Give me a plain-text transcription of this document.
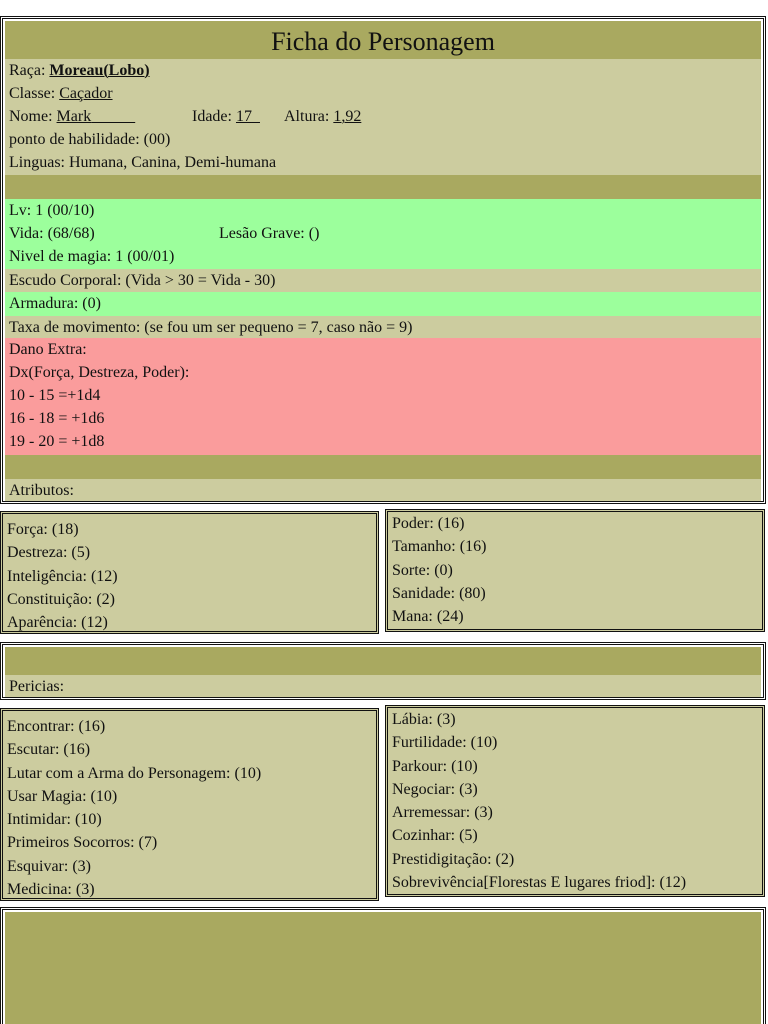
Ficha do Personagem
Raça: Moreau(Lobo)
Classe: Caçador
Nome: Mark	Idade: 17	Altura: 1,92
ponto de habilidade: (00)
Linguas: Humana, Canina, Demi-humana
Lv: 1 (00/10)
Vida: (68/68)	Lesão Grave: ()
Nivel de magia: 1 (00/01)
Escudo Corporal: (Vida > 30 = Vida - 30)
Armadura: (0)
Taxa de movimento: (se fou um ser pequeno = 7, caso não = 9)
Dano Extra:
Dx(Força, Destreza, Poder):
10 - 15 =+1d4
16 - 18 = +1d6
19 - 20 = +1d8
Atributos:
Força: (18)
Destreza: (5)
Inteligência: (12)
Constituição: (2)
Aparência: (12)
Poder: (16)
Tamanho: (16)
Sorte: (0)
Sanidade: (80)
Mana: (24)
Pericias:
Encontrar: (16)
Escutar: (16)
Lutar com a Arma do Personagem: (10)
Usar Magia: (10)
Intimidar: (10)
Primeiros Socorros: (7)
Esquivar: (3)
Medicina: (3)
Lábia: (3)
Furtilidade: (10)
Parkour: (10)
Negociar: (3)
Arremessar: (3)
Cozinhar: (5)
Prestidigitação: (2)
Sobrevivência[Florestas E lugares friod]: (12)
